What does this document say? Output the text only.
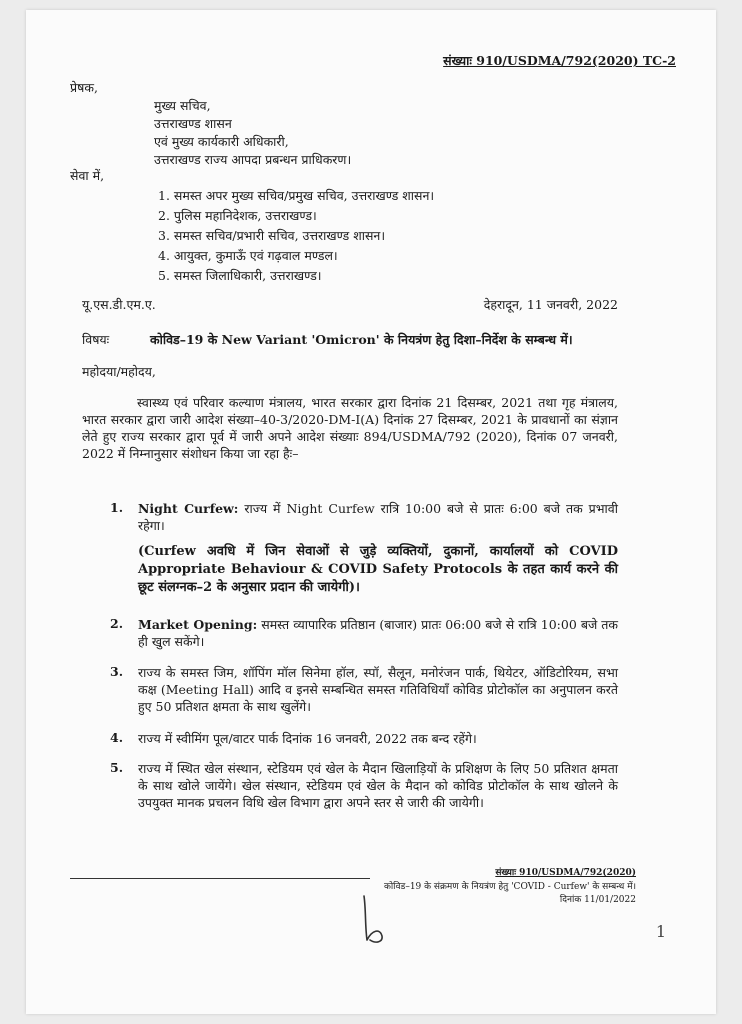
संख्याः 910/USDMA/792(2020) TC-2
प्रेषक,
मुख्य सचिव,
उत्तराखण्ड शासन
एवं मुख्य कार्यकारी अधिकारी,
उत्तराखण्ड राज्य आपदा प्रबन्धन प्राधिकरण।
सेवा में,
1. समस्त अपर मुख्य सचिव/प्रमुख सचिव, उत्तराखण्ड शासन।
2. पुलिस महानिदेशक, उत्तराखण्ड।
3. समस्त सचिव/प्रभारी सचिव, उत्तराखण्ड शासन।
4. आयुक्त, कुमाऊँ एवं गढ़वाल मण्डल।
5. समस्त जिलाधिकारी, उत्तराखण्ड।
यू.एस.डी.एम.ए.	देहरादून, 11 जनवरी, 2022
विषयः	कोविड–19 के New Variant 'Omicron' के नियत्रंण हेतु दिशा–निर्देश के सम्बन्ध में।
महोदया/महोदय,
स्वास्थ्य एवं परिवार कल्याण मंत्रालय, भारत सरकार द्वारा दिनांक 21 दिसम्बर, 2021 तथा गृह मंत्रालय, भारत सरकार द्वारा जारी आदेश संख्या–40-3/2020-DM-I(A) दिनांक 27 दिसम्बर, 2021 के प्रावधानों का संज्ञान लेते हुए राज्य सरकार द्वारा पूर्व में जारी अपने आदेश संख्याः 894/USDMA/792 (2020), दिनांक 07 जनवरी, 2022 में निम्नानुसार संशोधन किया जा रहा हैः–
1. Night Curfew: राज्य में Night Curfew रात्रि 10:00 बजे से प्रातः 6:00 बजे तक प्रभावी रहेगा।
(Curfew अवधि में जिन सेवाओं से जुड़े व्यक्तियों, दुकानों, कार्यालयों को COVID Appropriate Behaviour & COVID Safety Protocols के तहत कार्य करने की छूट संलग्नक–2 के अनुसार प्रदान की जायेगी)।
2. Market Opening: समस्त व्यापारिक प्रतिष्ठान (बाजार) प्रातः 06:00 बजे से रात्रि 10:00 बजे तक ही खुल सकेंगे।
3. राज्य के समस्त जिम, शॉपिंग मॉल सिनेमा हॉल, स्पॉ, सैलून, मनोरंजन पार्क, थियेटर, ऑडिटोरियम, सभा कक्ष (Meeting Hall) आदि व इनसे सम्बन्धित समस्त गतिविधियाँ कोविड प्रोटोकॉल का अनुपालन करते हुए 50 प्रतिशत क्षमता के साथ खुलेंगे।
4. राज्य में स्वीमिंग पूल/वाटर पार्क दिनांक 16 जनवरी, 2022 तक बन्द रहेंगे।
5. राज्य में स्थित खेल संस्थान, स्टेडियम एवं खेल के मैदान खिलाड़ियों के प्रशिक्षण के लिए 50 प्रतिशत क्षमता के साथ खोले जायेंगे। खेल संस्थान, स्टेडियम एवं खेल के मैदान को कोविड प्रोटोकॉल के साथ खोलने के उपयुक्त मानक प्रचलन विधि खेल विभाग द्वारा अपने स्तर से जारी की जायेगी।
संख्याः 910/USDMA/792(2020)
कोविड–19 के संक्रमण के नियत्रंण हेतु 'COVID - Curfew' के सम्बन्ध में।
दिनांक 11/01/2022
1
